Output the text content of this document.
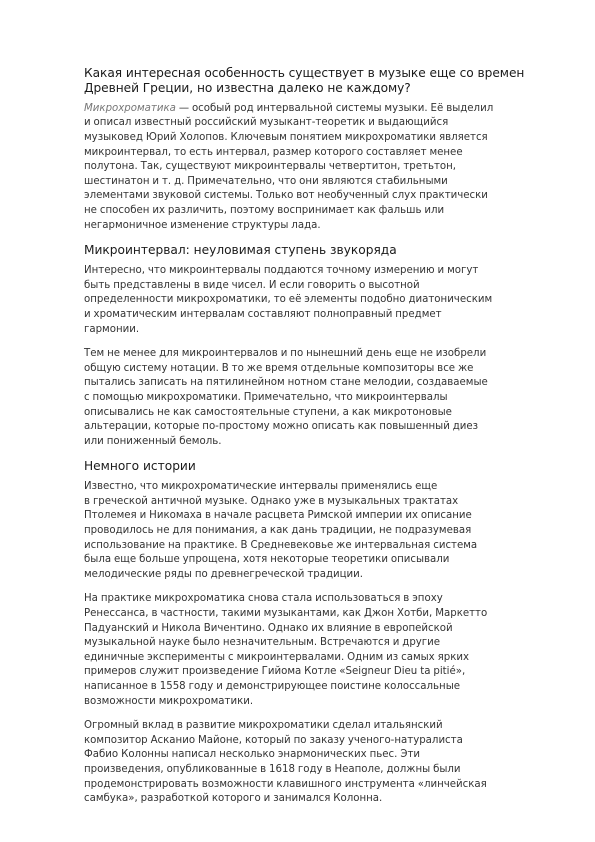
Какая интересная особенность существует в музыке еще со времен
Древней Греции, но известна далеко не каждому?
Микрохроматика — особый род интервальной системы музыки. Её выделил
и описал известный российский музыкант-теоретик и выдающийся
музыковед Юрий Холопов. Ключевым понятием микрохроматики является
микроинтервал, то есть интервал, размер которого составляет менее
полутона. Так, существуют микроинтервалы четвертитон, третьтон,
шестинатон и т. д. Примечательно, что они являются стабильными
элементами звуковой системы. Только вот необученный слух практически
не способен их различить, поэтому воспринимает как фальшь или
негармоничное изменение структуры лада.
Микроинтервал: неуловимая ступень звукоряда
Интересно, что микроинтервалы поддаются точному измерению и могут
быть представлены в виде чисел. И если говорить о высотной
определенности микрохроматики, то её элементы подобно диатоническим
и хроматическим интервалам составляют полноправный предмет
гармонии.
Тем не менее для микроинтервалов и по нынешний день еще не изобрели
общую систему нотации. В то же время отдельные композиторы все же
пытались записать на пятилинейном нотном стане мелодии, создаваемые
с помощью микрохроматики. Примечательно, что микроинтервалы
описывались не как самостоятельные ступени, а как микротоновые
альтерации, которые по-простому можно описать как повышенный диез
или пониженный бемоль.
Немного истории
Известно, что микрохроматические интервалы применялись еще
в греческой античной музыке. Однако уже в музыкальных трактатах
Птолемея и Никомаха в начале расцвета Римской империи их описание
проводилось не для понимания, а как дань традиции, не подразумевая
использование на практике. В Средневековье же интервальная система
была еще больше упрощена, хотя некоторые теоретики описывали
мелодические ряды по древнегреческой традиции.
На практике микрохроматика снова стала использоваться в эпоху
Ренессанса, в частности, такими музыкантами, как Джон Хотби, Маркетто
Падуанский и Никола Вичентино. Однако их влияние в европейской
музыкальной науке было незначительным. Встречаются и другие
единичные эксперименты с микроинтервалами. Одним из самых ярких
примеров служит произведение Гийома Котле «Seigneur Dieu ta pitié»,
написанное в 1558 году и демонстрирующее поистине колоссальные
возможности микрохроматики.
Огромный вклад в развитие микрохроматики сделал итальянский
композитор Асканио Майоне, который по заказу ученого-натуралиста
Фабио Колонны написал несколько энармонических пьес. Эти
произведения, опубликованные в 1618 году в Неаполе, должны были
продемонстрировать возможности клавишного инструмента «линчейская
самбука», разработкой которого и занимался Колонна.
